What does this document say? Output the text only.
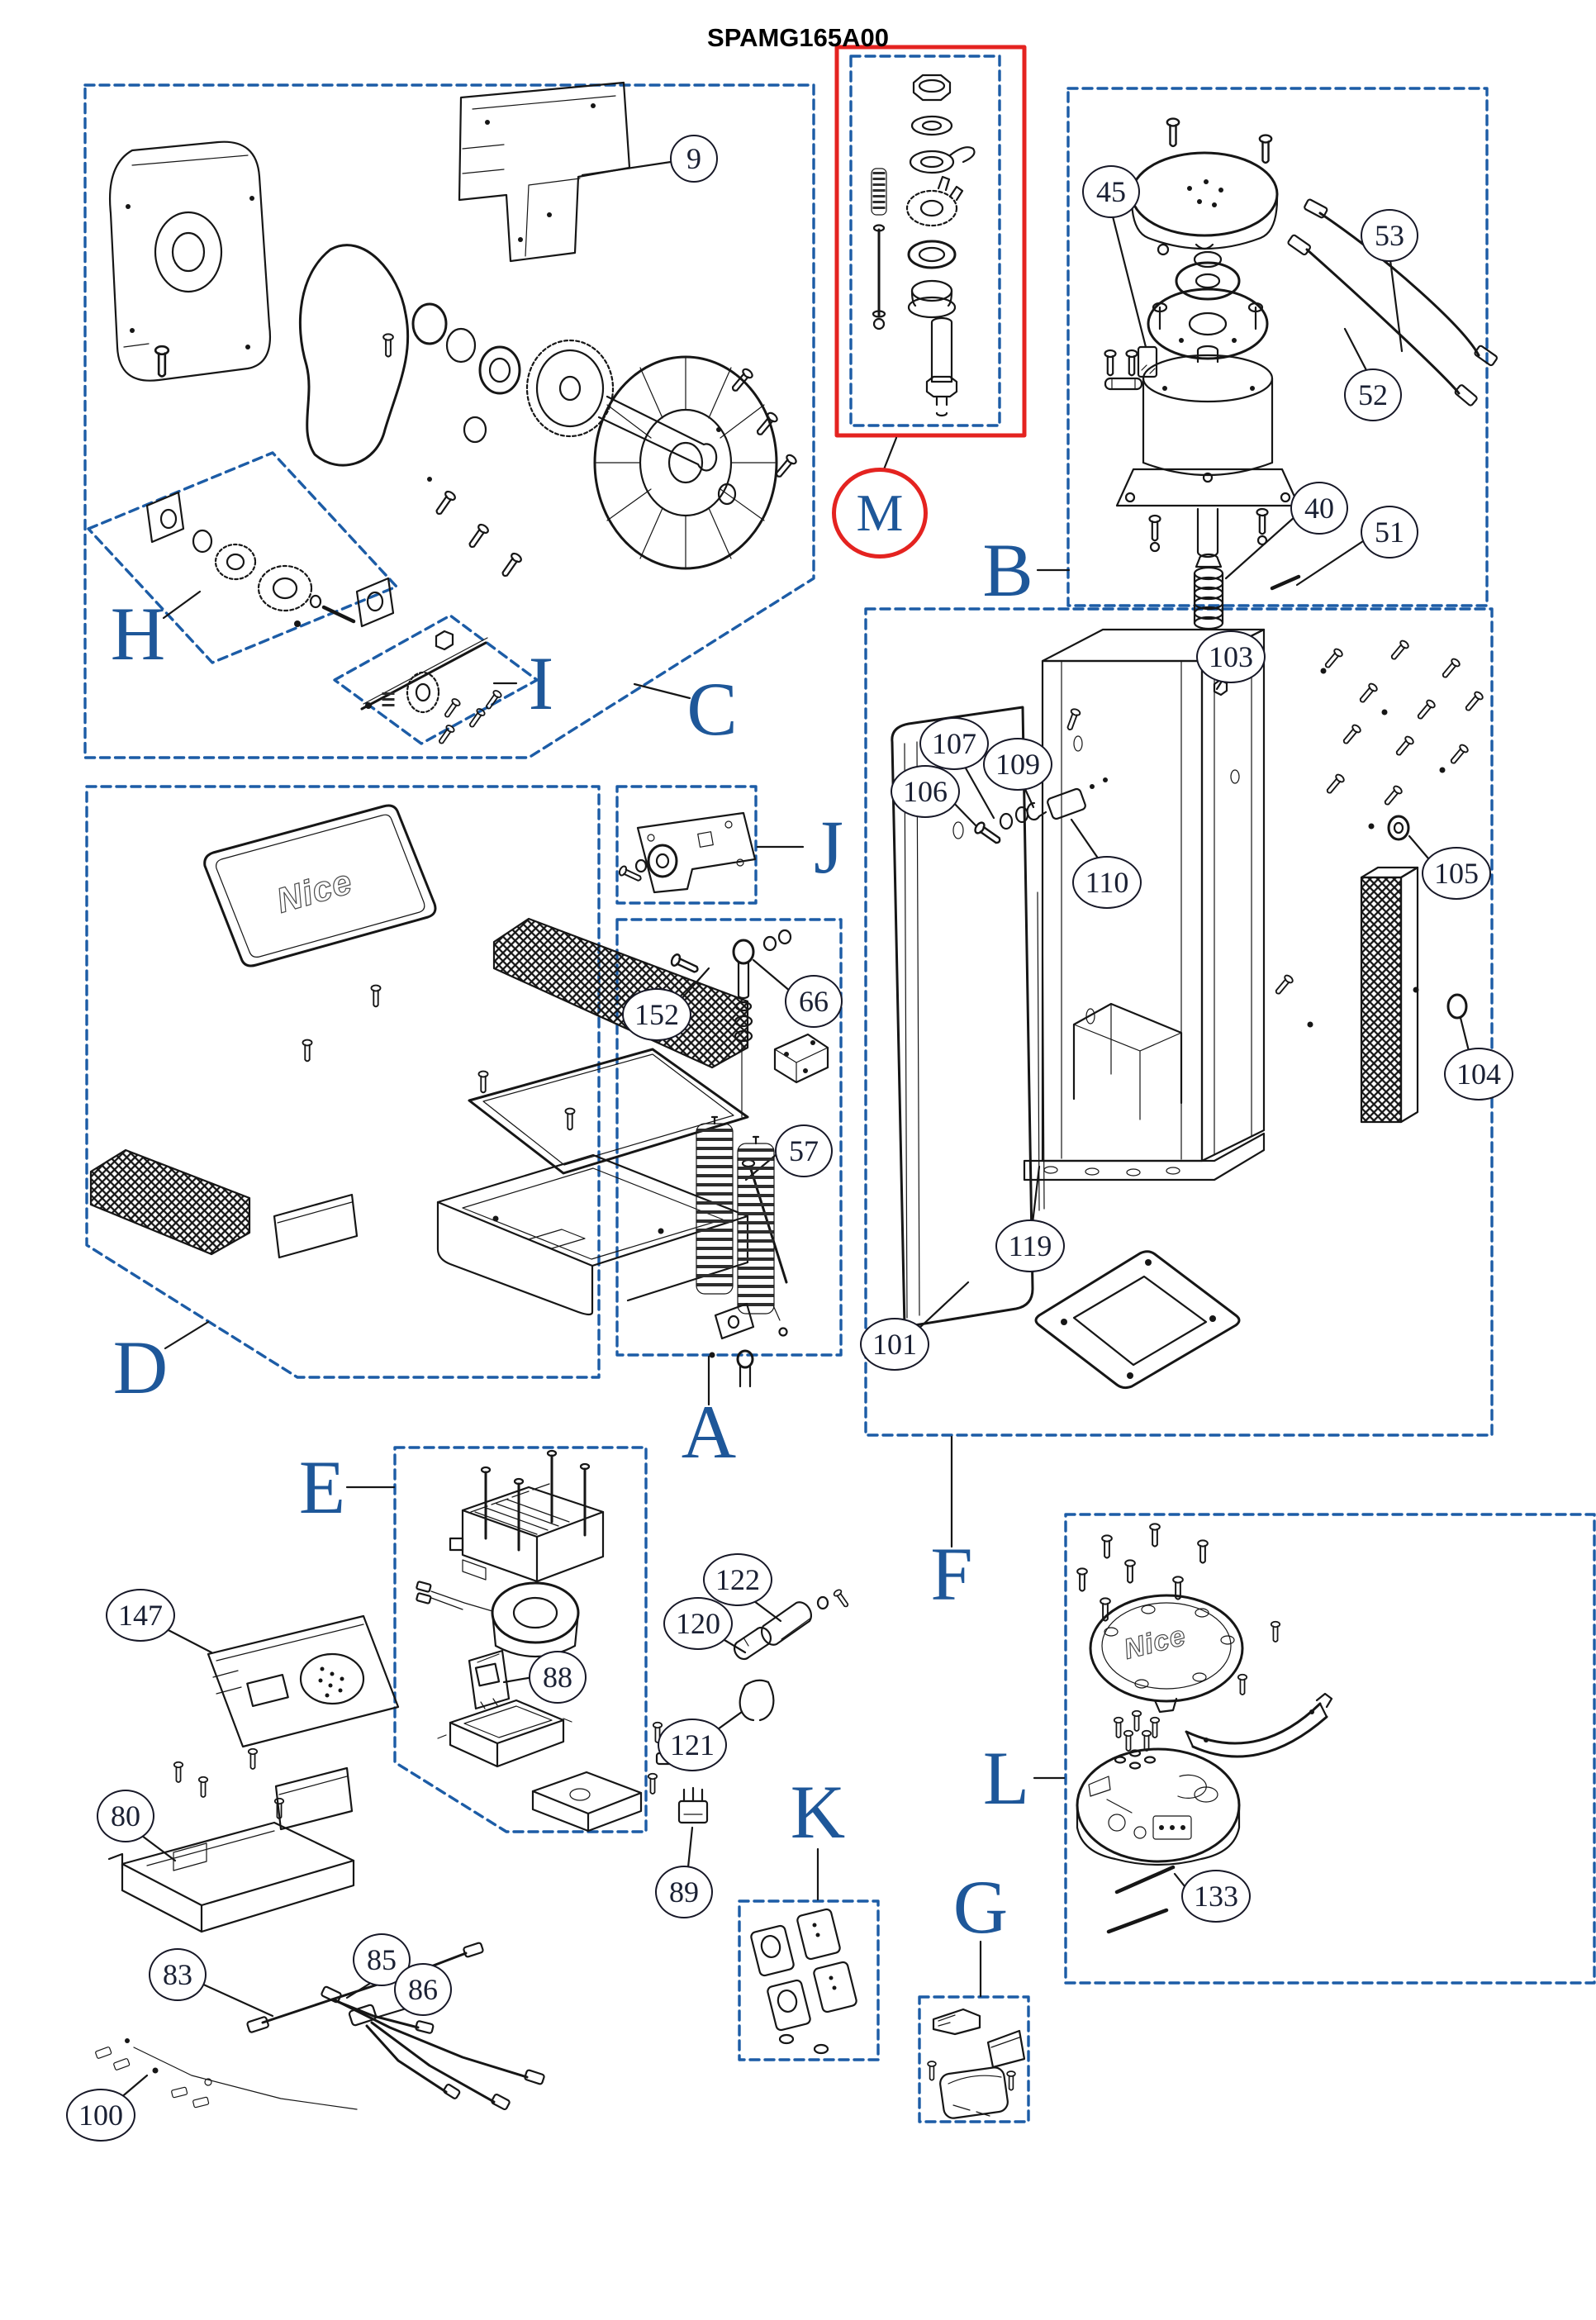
Nice
Nice
SPAMG165A00
A
B
C
D
E
F
G
H
I
J
K L
M
9
45
53
52
40
51
103
106
107
109
110	105
104
119
101
152	66
57
147
80
88
89
120
121
122
83	85
86
100
133
